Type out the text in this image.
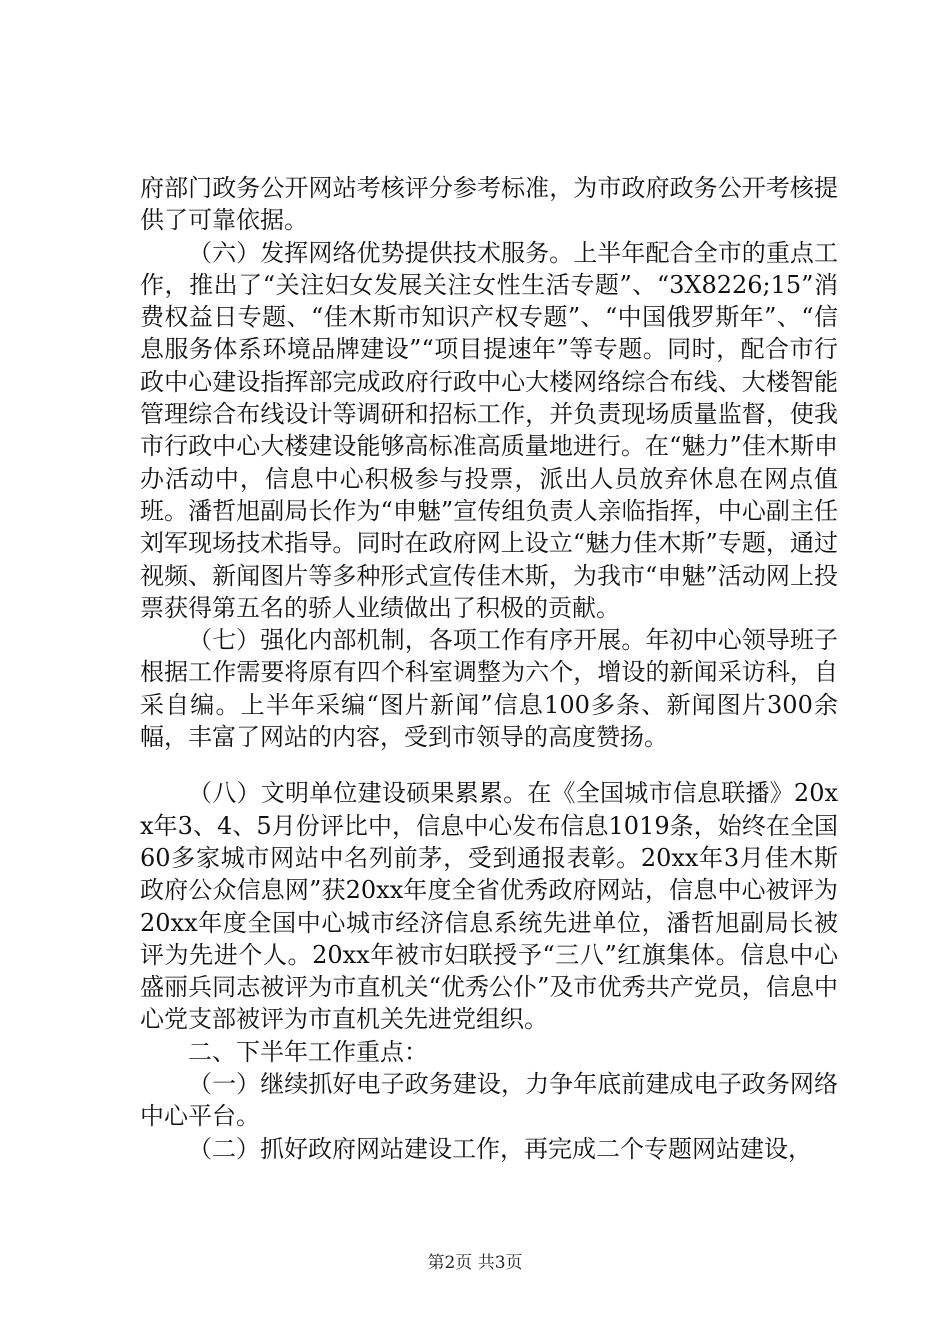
府部门政务公开网站考核评分参考标准，为市政府政务公开考核提供了可靠依据。

（六）发挥网络优势提供技术服务。上半年配合全市的重点工作，推出了“关注妇女发展关注女性生活专题”、“3X8226;15”消费权益日专题、“佳木斯市知识产权专题”、“中国俄罗斯年”、“信息服务体系环境品牌建设”“项目提速年”等专题。同时，配合市行政中心建设指挥部完成政府行政中心大楼网络综合布线、大楼智能管理综合布线设计等调研和招标工作，并负责现场质量监督，使我市行政中心大楼建设能够高标准高质量地进行。在“魅力”佳木斯申办活动中，信息中心积极参与投票，派出人员放弃休息在网点值班。潘哲旭副局长作为“申魅”宣传组负责人亲临指挥，中心副主任刘军现场技术指导。同时在政府网上设立“魅力佳木斯”专题，通过视频、新闻图片等多种形式宣传佳木斯，为我市“申魅”活动网上投票获得第五名的骄人业绩做出了积极的贡献。

（七）强化内部机制，各项工作有序开展。年初中心领导班子根据工作需要将原有四个科室调整为六个，增设的新闻采访科，自采自编。上半年采编“图片新闻”信息100多条、新闻图片300余幅，丰富了网站的内容，受到市领导的高度赞扬。

（八）文明单位建设硕果累累。在《全国城市信息联播》20xx年3、4、5月份评比中，信息中心发布信息1019条，始终在全国60多家城市网站中名列前茅，受到通报表彰。20xx年3月佳木斯政府公众信息网”获20xx年度全省优秀政府网站，信息中心被评为20xx年度全国中心城市经济信息系统先进单位，潘哲旭副局长被评为先进个人。20xx年被市妇联授予“三八”红旗集体。信息中心盛丽兵同志被评为市直机关“优秀公仆”及市优秀共产党员，信息中心党支部被评为市直机关先进党组织。

二、下半年工作重点：

（一）继续抓好电子政务建设，力争年底前建成电子政务网络中心平台。

（二）抓好政府网站建设工作，再完成二个专题网站建设，

第2页 共3页
